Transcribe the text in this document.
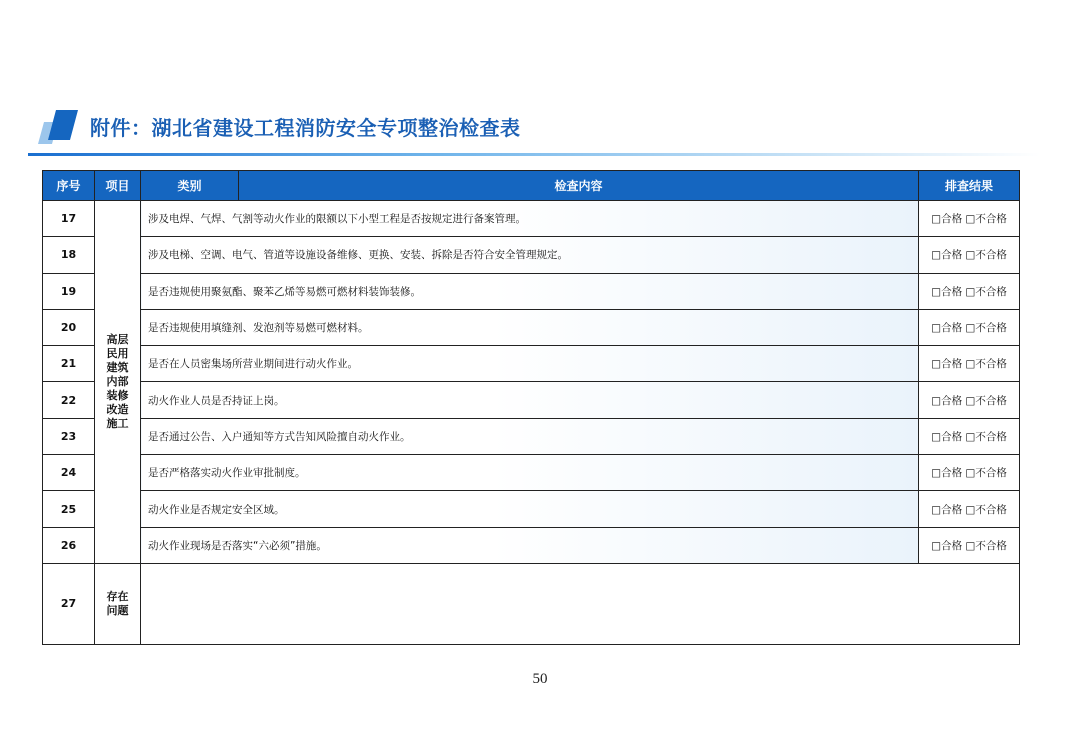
附件：湖北省建设工程消防安全专项整治检查表
序号	项目	类别	检查内容	排查结果
17	高层民用建筑内部装修改造施工	涉及电焊、气焊、气割等动火作业的限额以下小型工程是否按规定进行备案管理。		□合格 □不合格
18		涉及电梯、空调、电气、管道等设施设备维修、更换、安装、拆除是否符合安全管理规定。		□合格 □不合格
19		是否违规使用聚氨酯、聚苯乙烯等易燃可燃材料装饰装修。		□合格 □不合格
20		是否违规使用填缝剂、发泡剂等易燃可燃材料。		□合格 □不合格
21		是否在人员密集场所营业期间进行动火作业。		□合格 □不合格
22		动火作业人员是否持证上岗。		□合格 □不合格
23		是否通过公告、入户通知等方式告知风险擅自动火作业。		□合格 □不合格
24		是否严格落实动火作业审批制度。		□合格 □不合格
25		动火作业是否规定安全区域。		□合格 □不合格
26		动火作业现场是否落实“六必须”措施。		□合格 □不合格
27	存在问题			
50
